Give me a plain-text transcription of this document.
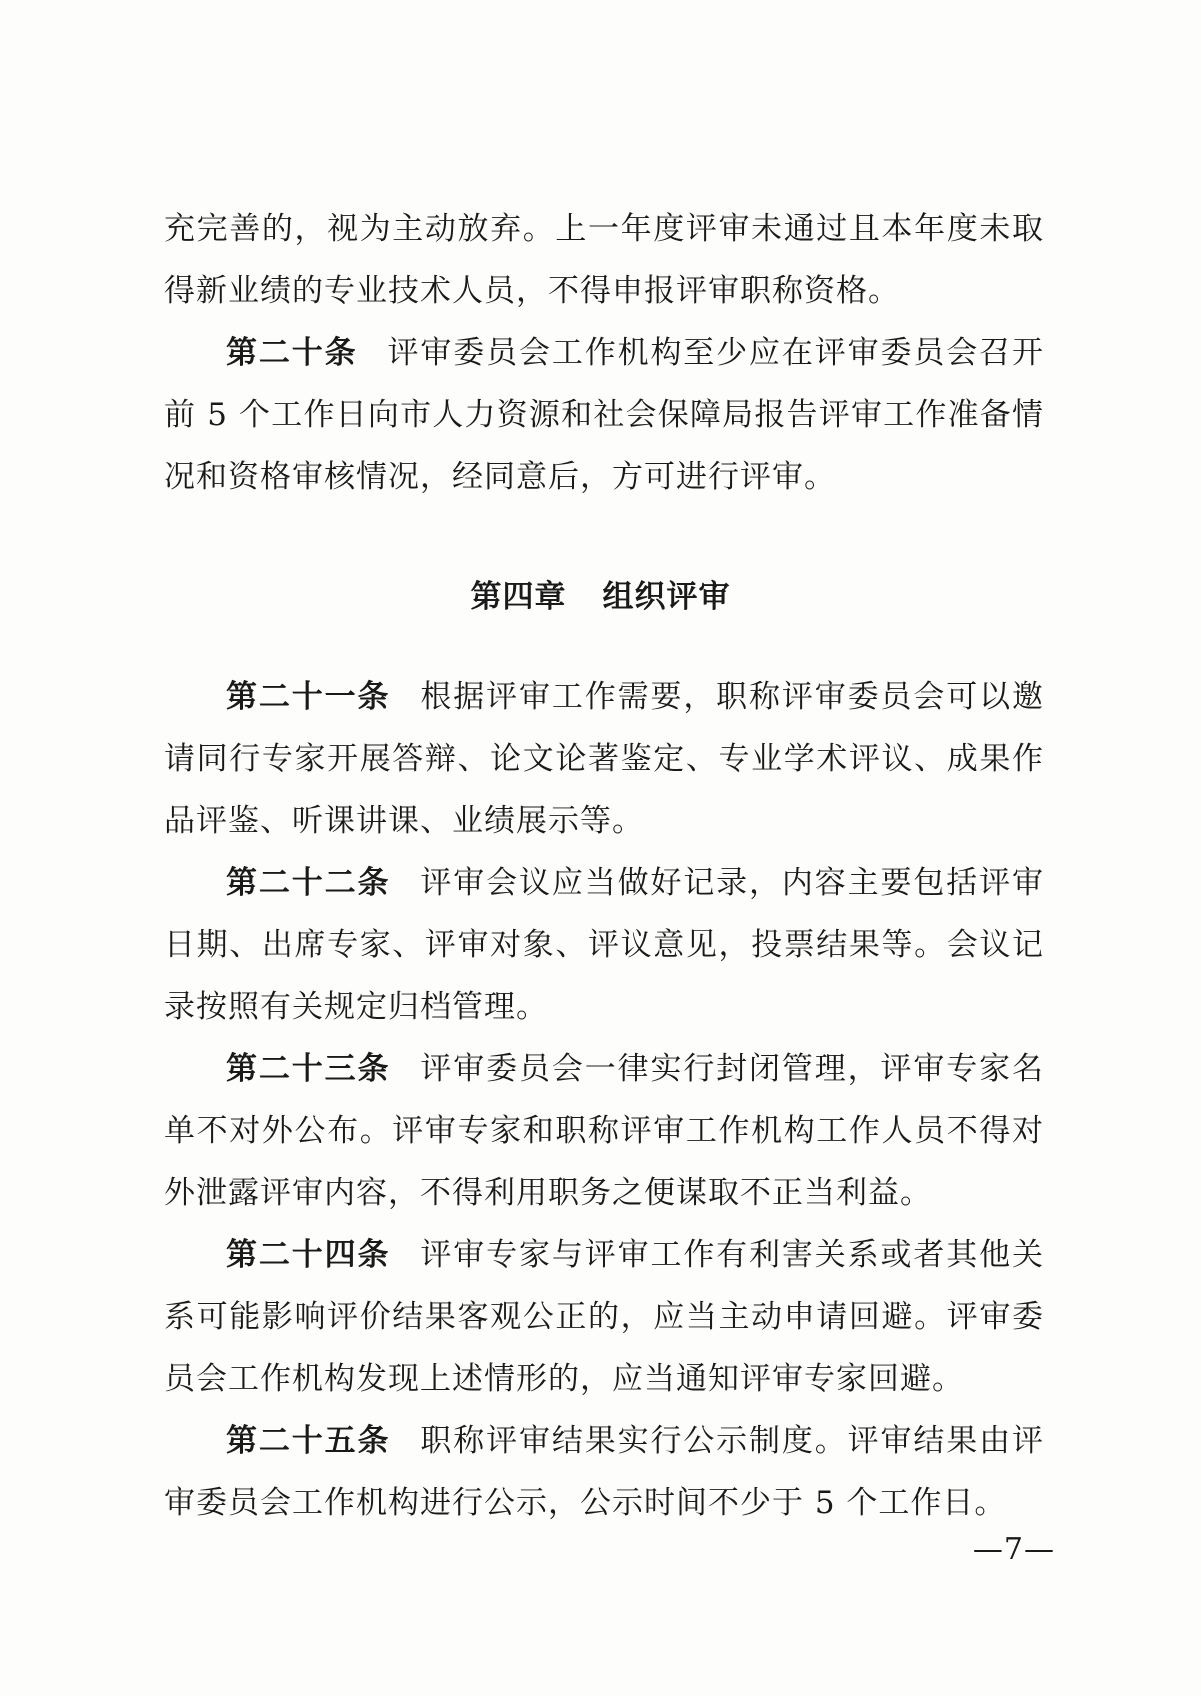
充完善的，视为主动放弃。上一年度评审未通过且本年度未取得新业绩的专业技术人员，不得申报评审职称资格。

第二十条 评审委员会工作机构至少应在评审委员会召开前 5 个工作日向市人力资源和社会保障局报告评审工作准备情况和资格审核情况，经同意后，方可进行评审。

第四章 组织评审

第二十一条 根据评审工作需要，职称评审委员会可以邀请同行专家开展答辩、论文论著鉴定、专业学术评议、成果作品评鉴、听课讲课、业绩展示等。

第二十二条 评审会议应当做好记录，内容主要包括评审日期、出席专家、评审对象、评议意见，投票结果等。会议记录按照有关规定归档管理。

第二十三条 评审委员会一律实行封闭管理，评审专家名单不对外公布。评审专家和职称评审工作机构工作人员不得对外泄露评审内容，不得利用职务之便谋取不正当利益。

第二十四条 评审专家与评审工作有利害关系或者其他关系可能影响评价结果客观公正的，应当主动申请回避。评审委员会工作机构发现上述情形的，应当通知评审专家回避。

第二十五条 职称评审结果实行公示制度。评审结果由评审委员会工作机构进行公示，公示时间不少于 5 个工作日。

—7—
